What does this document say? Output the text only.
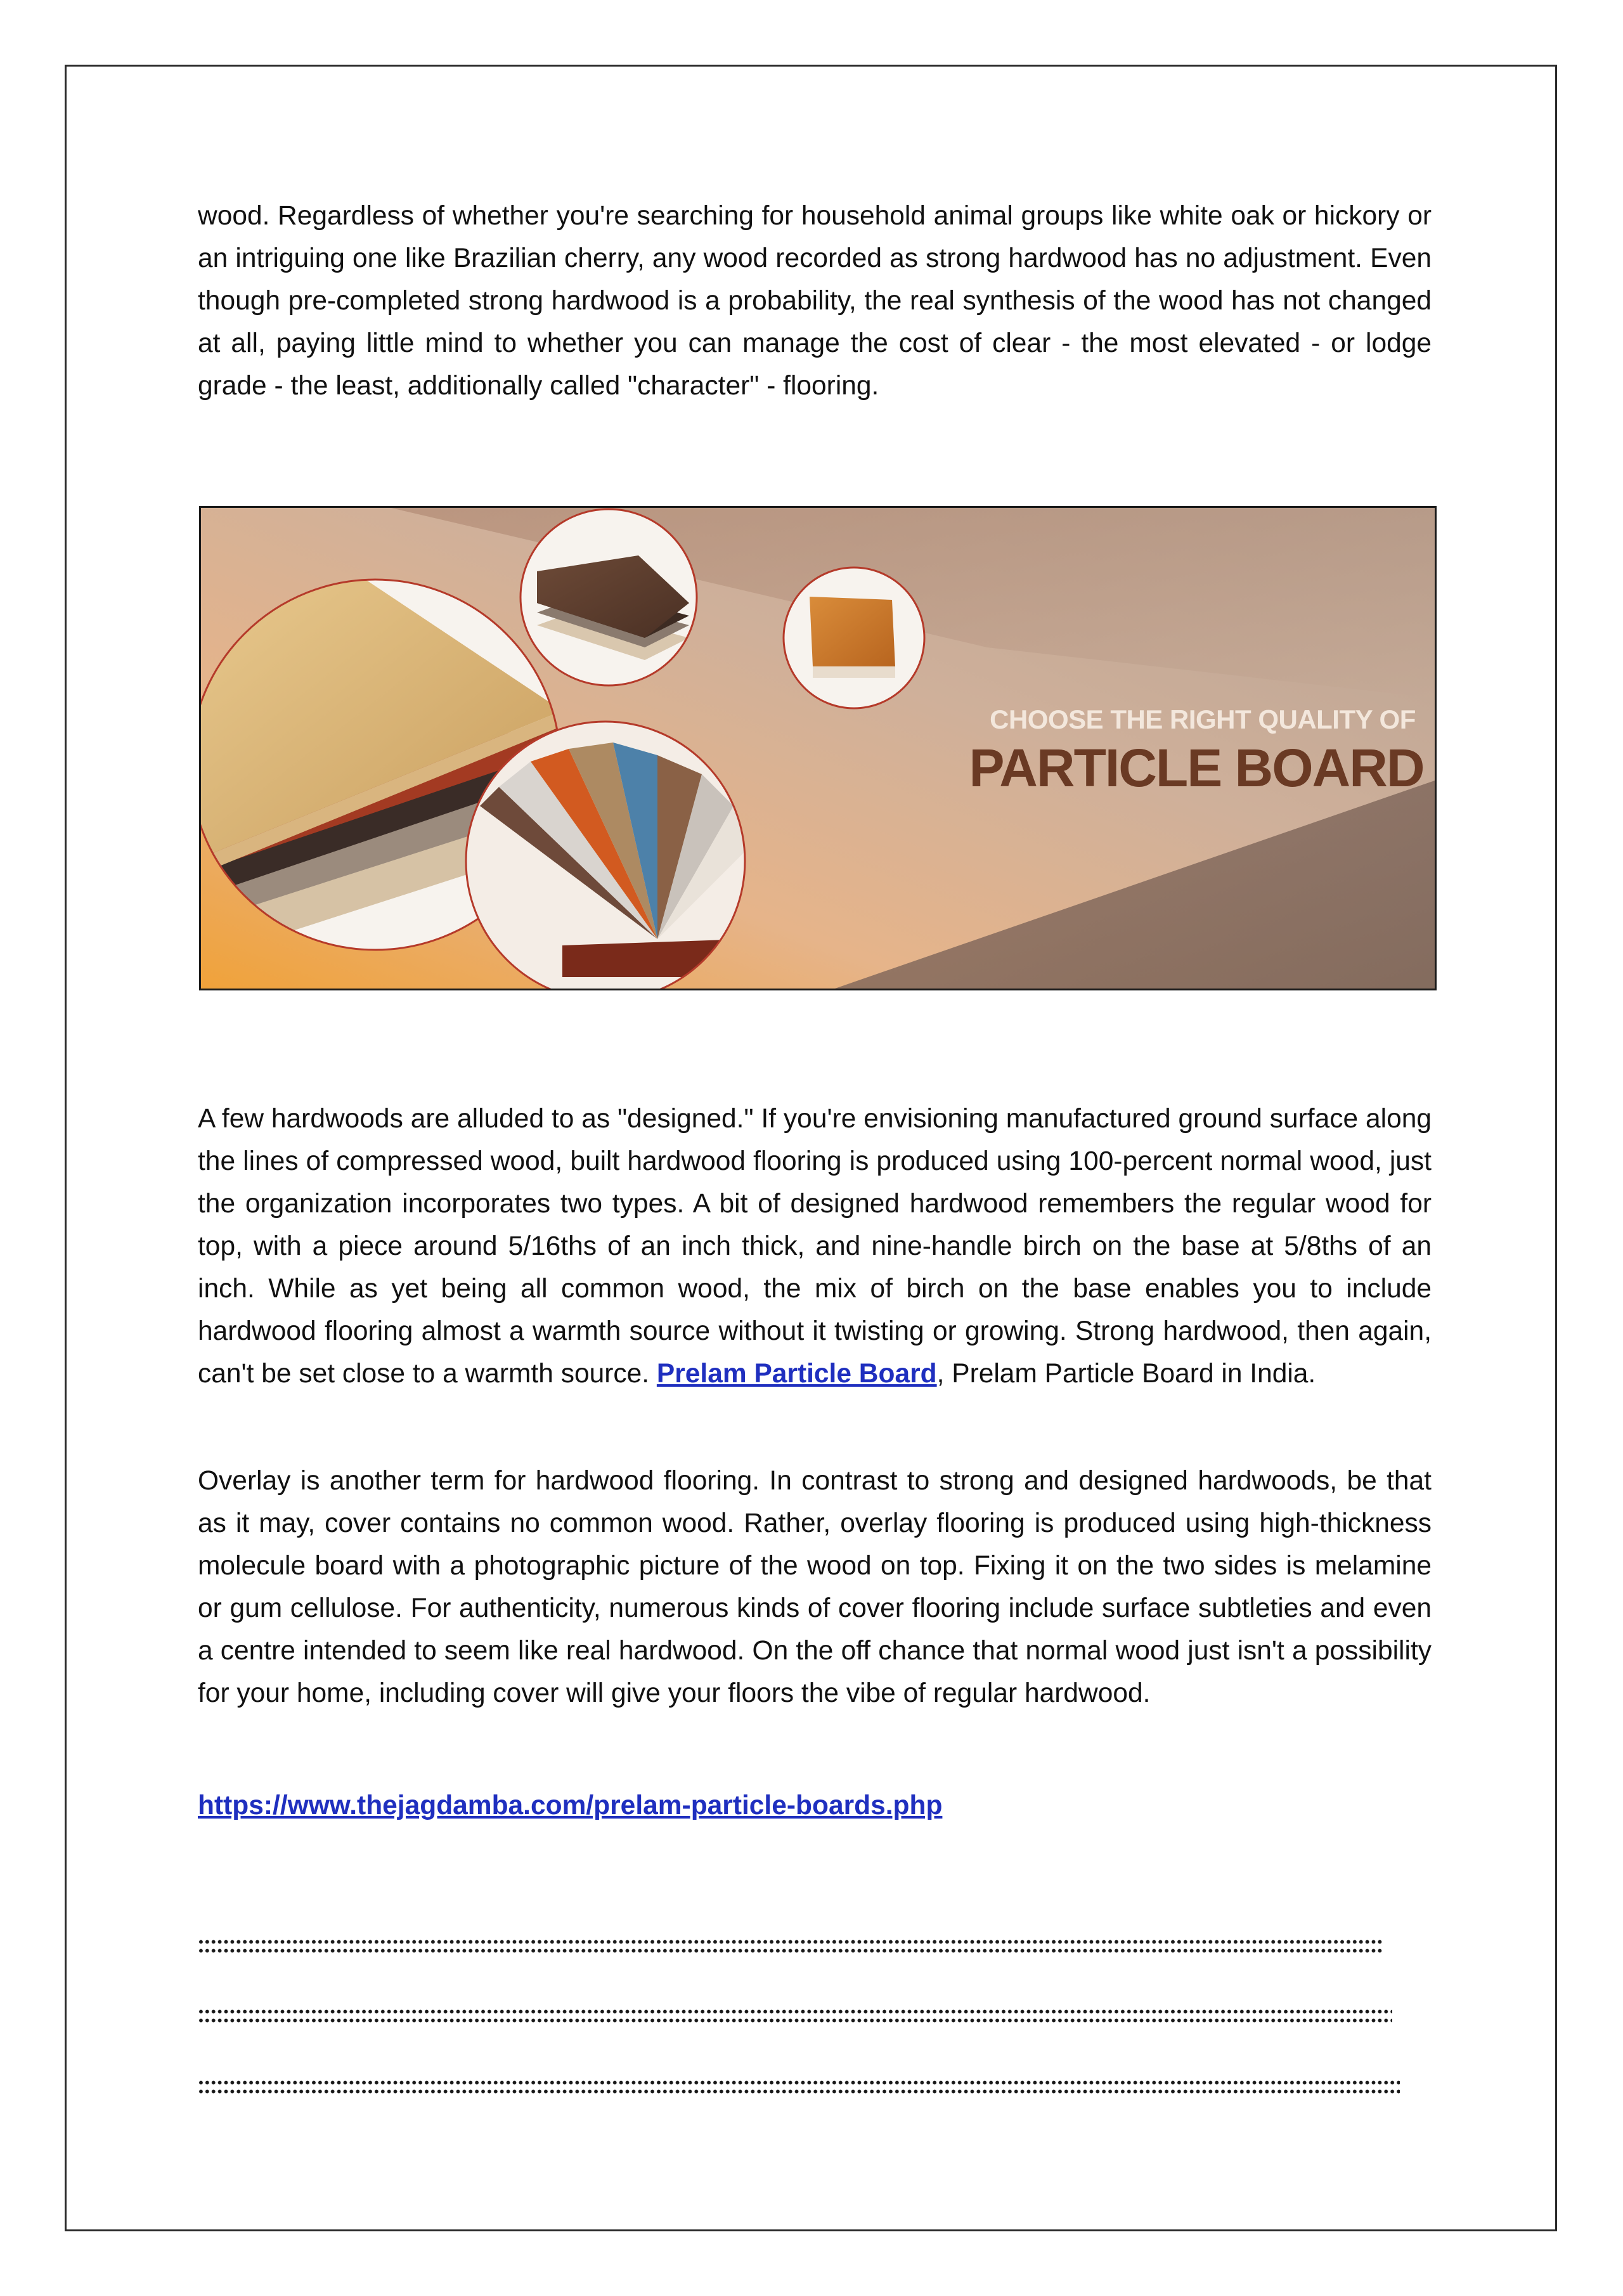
wood. Regardless of whether you're searching for household animal groups like white oak or hickory or an intriguing one like Brazilian cherry, any wood recorded as strong hardwood has no adjustment. Even though pre-completed strong hardwood is a probability, the real synthesis of the wood has not changed at all, paying little mind to whether you can manage the cost of clear - the most elevated - or lodge grade - the least, additionally called "character" - flooring.

CHOOSE THE RIGHT QUALITY OF
PARTICLE BOARD

A few hardwoods are alluded to as "designed." If you're envisioning manufactured ground surface along the lines of compressed wood, built hardwood flooring is produced using 100-percent normal wood, just the organization incorporates two types. A bit of designed hardwood remembers the regular wood for top, with a piece around 5/16ths of an inch thick, and nine-handle birch on the base at 5/8ths of an inch. While as yet being all common wood, the mix of birch on the base enables you to include hardwood flooring almost a warmth source without it twisting or growing. Strong hardwood, then again, can't be set close to a warmth source. Prelam Particle Board, Prelam Particle Board in India.

Overlay is another term for hardwood flooring. In contrast to strong and designed hardwoods, be that as it may, cover contains no common wood. Rather, overlay flooring is produced using high-thickness molecule board with a photographic picture of the wood on top. Fixing it on the two sides is melamine or gum cellulose. For authenticity, numerous kinds of cover flooring include surface subtleties and even a centre intended to seem like real hardwood. On the off chance that normal wood just isn't a possibility for your home, including cover will give your floors the vibe of regular hardwood.

https://www.thejagdamba.com/prelam-particle-boards.php
